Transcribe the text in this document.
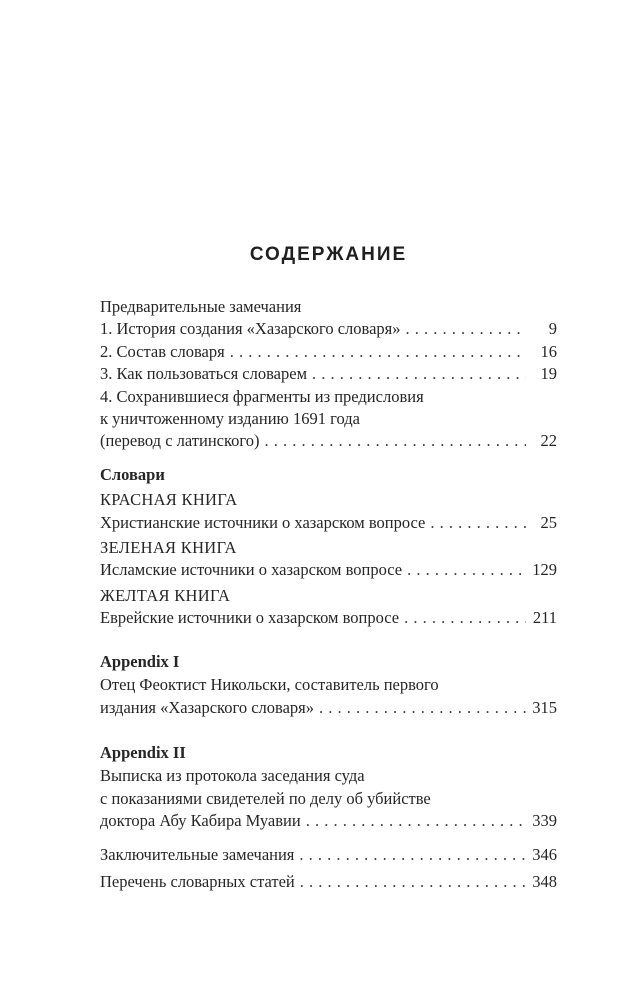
СОДЕРЖАНИЕ
Предварительные замечания
1. История создания «Хазарского словаря» . . .	9
2. Состав словаря . . .	16
3. Как пользоваться словарем . . .	19
4. Сохранившиеся фрагменты из предисловия
к уничтоженному изданию 1691 года
(перевод с латинского) . . .	22
Словари
КРАСНАЯ КНИГА
Христианские источники о хазарском вопросе . . .	25
ЗЕЛЕНАЯ КНИГА
Исламские источники о хазарском вопросе . . .	129
ЖЕЛТАЯ КНИГА
Еврейские источники о хазарском вопросе . . .	211
Appendix I
Отец Феоктист Никольски, составитель первого
издания «Хазарского словаря» . . .	315
Appendix II
Выписка из протокола заседания суда
с показаниями свидетелей по делу об убийстве
доктора Абу Кабира Муавии . . .	339
Заключительные замечания . . .	346
Перечень словарных статей . . .	348
